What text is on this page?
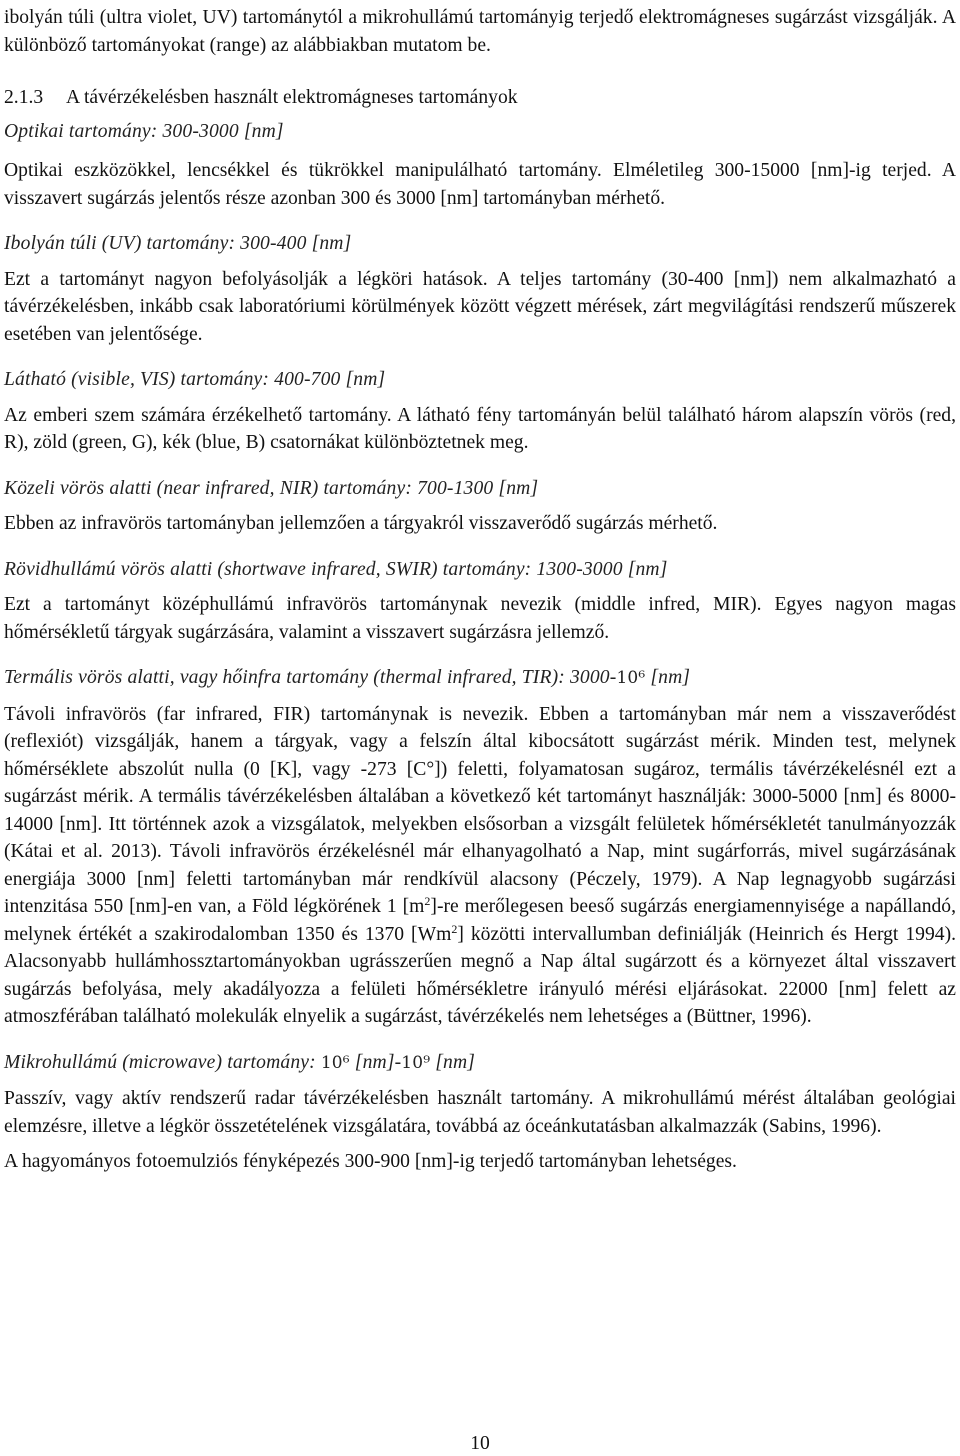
ibolyán túli (ultra violet, UV) tartománytól a mikrohullámú tartományig terjedő elektromágneses sugárzást vizsgálják. A különböző tartományokat (range) az alábbiakban mutatom be.

2.1.3 A távérzékelésben használt elektromágneses tartományok

Optikai tartomány: 300-3000 [nm]

Optikai eszközökkel, lencsékkel és tükrökkel manipulálható tartomány. Elméletileg 300-15000 [nm]-ig terjed. A visszavert sugárzás jelentős része azonban 300 és 3000 [nm] tartományban mérhető.

Ibolyán túli (UV) tartomány: 300-400 [nm]

Ezt a tartományt nagyon befolyásolják a légköri hatások. A teljes tartomány (30-400 [nm]) nem alkalmazható a távérzékelésben, inkább csak laboratóriumi körülmények között végzett mérések, zárt megvilágítási rendszerű műszerek esetében van jelentősége.

Látható (visible, VIS) tartomány: 400-700 [nm]

Az emberi szem számára érzékelhető tartomány. A látható fény tartományán belül található három alapszín vörös (red, R), zöld (green, G), kék (blue, B) csatornákat különböztetnek meg.

Közeli vörös alatti (near infrared, NIR) tartomány: 700-1300 [nm]

Ebben az infravörös tartományban jellemzően a tárgyakról visszaverődő sugárzás mérhető.

Rövidhullámú vörös alatti (shortwave infrared, SWIR) tartomány: 1300-3000 [nm]

Ezt a tartományt középhullámú infravörös tartománynak nevezik (middle infred, MIR). Egyes nagyon magas hőmérsékletű tárgyak sugárzására, valamint a visszavert sugárzásra jellemző.

Termális vörös alatti, vagy hőinfra tartomány (thermal infrared, TIR): 3000-10⁶ [nm]

Távoli infravörös (far infrared, FIR) tartománynak is nevezik. Ebben a tartományban már nem a visszaverődést (reflexiót) vizsgálják, hanem a tárgyak, vagy a felszín által kibocsátott sugárzást mérik. Minden test, melynek hőmérséklete abszolút nulla (0 [K], vagy -273 [C°]) feletti, folyamatosan sugároz, termális távérzékelésnél ezt a sugárzást mérik. A termális távérzékelésben általában a következő két tartományt használják: 3000-5000 [nm] és 8000-14000 [nm]. Itt történnek azok a vizsgálatok, melyekben elsősorban a vizsgált felületek hőmérsékletét tanulmányozzák (Kátai et al. 2013). Távoli infravörös érzékelésnél már elhanyagolható a Nap, mint sugárforrás, mivel sugárzásának energiája 3000 [nm] feletti tartományban már rendkívül alacsony (Péczely, 1979). A Nap legnagyobb sugárzási intenzitása 550 [nm]-en van, a Föld légkörének 1 $[m^2]-re$ merőlegesen beeső sugárzás energiamennyisége a napállandó, melynek értékét a szakirodalomban 1350 és 1370 [Wm$^2$] közötti intervallumban definiálják (Heinrich és Hergt 1994). Alacsonyabb hullámhossztartományokban ugrásszerűen megnő a Nap által sugárzott és a környezet által visszavert sugárzás befolyása, mely akadályozza a felületi hőmérsékletre irányuló mérési eljárásokat. 22000 [nm] felett az atmoszférában található molekulák elnyelik a sugárzást, távérzékelés nem lehetséges a (Büttner, 1996).

Mikrohullámú (microwave) tartomány: 10⁶ [nm]-10⁹ [nm]

Passzív, vagy aktív rendszerű radar távérzékelésben használt tartomány. A mikrohullámú mérést általában geológiai elemzésre, illetve a légkör összetételének vizsgálatára, továbbá az óceánkutatásban alkalmazzák (Sabins, 1996).

A hagyományos fotoemulziós fényképezés 300-900 [nm]-ig terjedő tartományban lehetséges.

10
